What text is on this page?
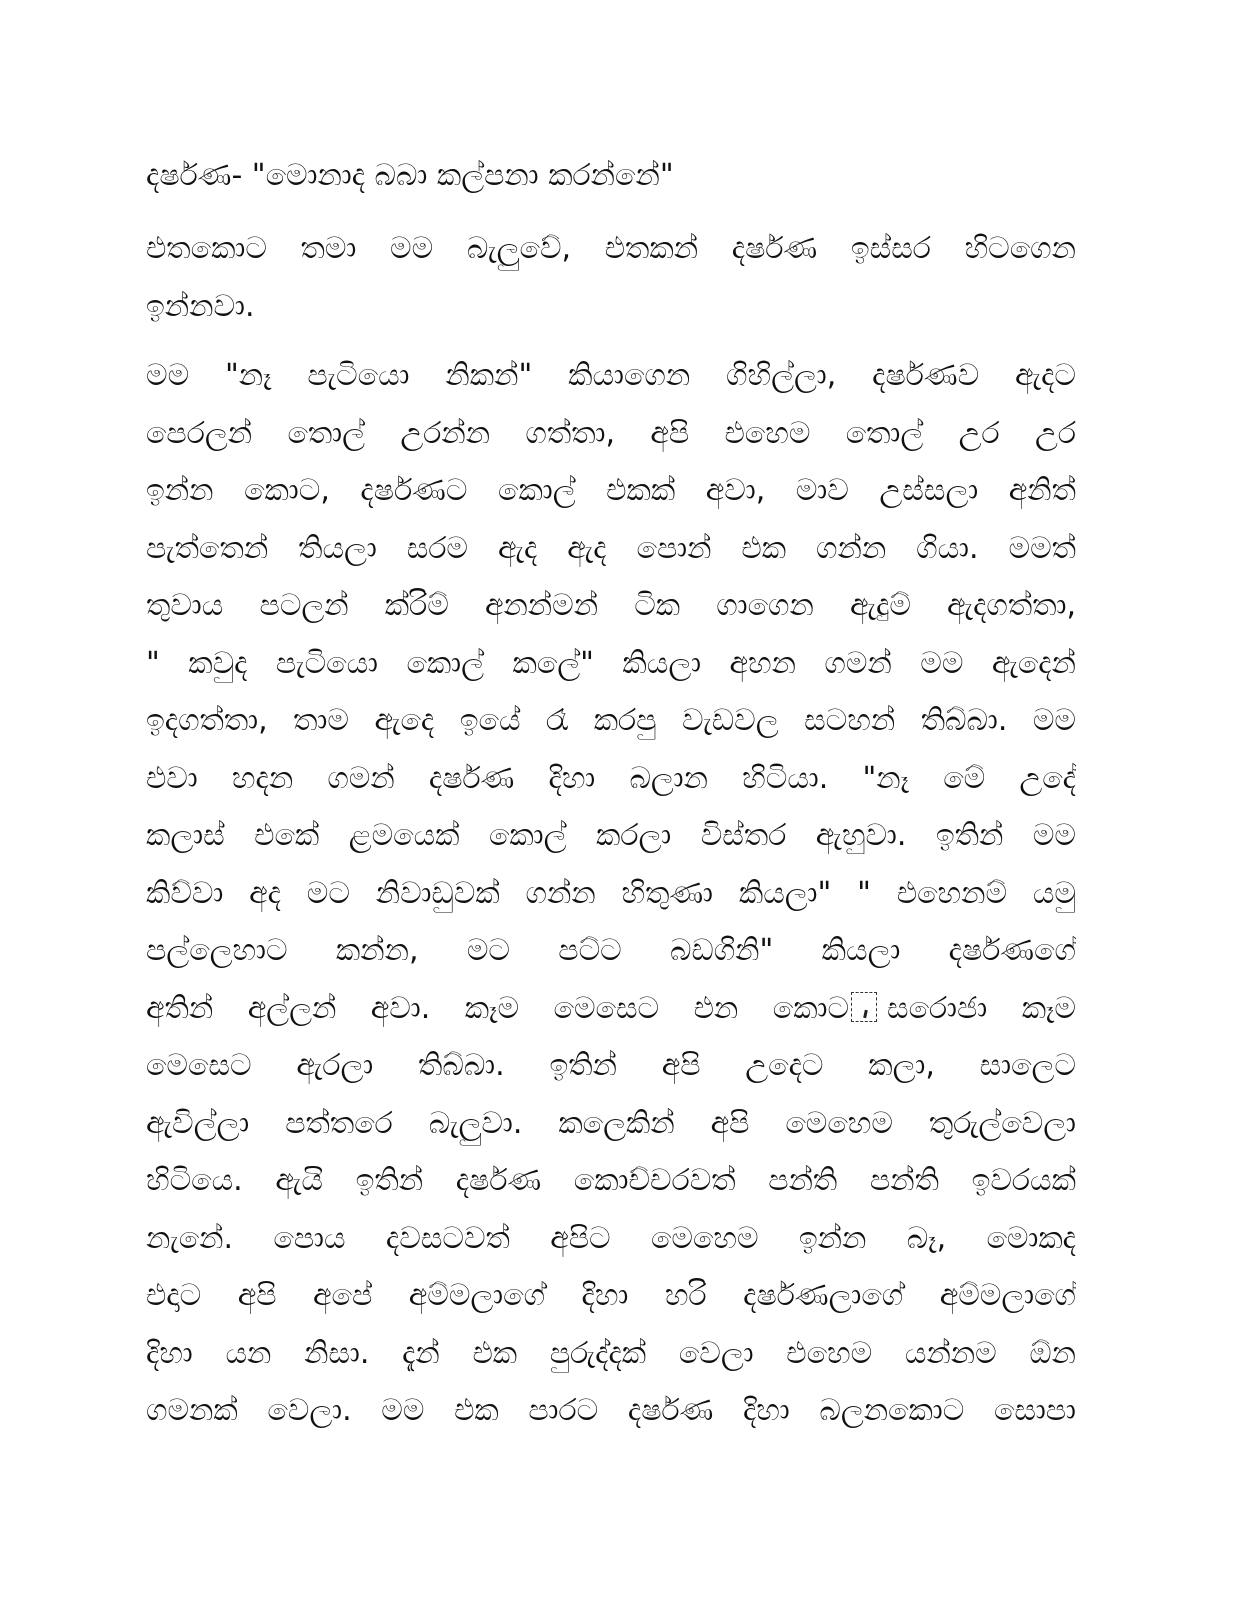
දර්ෂණ- "මොනාද බබා කල්පනා කරන්නේ"
එතකොට තමා මම බැලුවේ, එතකන් දර්ෂණ ඉස්සර හිටගෙන
ඉන්නවා.
මම "නෑ පැටියො නිකන්" කියාගෙන ගිහිල්ලා, දර්ෂණව ඇදට
පෙරලන් තොල් උරන්න ගත්තා, අපි එහෙම තොල් උර උර
ඉන්න කොට, දර්ෂණට කොල් එකක් අවා, මාව උස්සලා අනිත්
පැත්තෙන් තියලා සරම ඇද ඇද පොන් එක ගන්න ගියා. මමත්
තුවාය පටලන් ක්රිම් අනන්මන් ටික ගාගෙන ඇදුම් ඇදගත්තා,
" කවුද පැටියො කොල් කලේ" කියලා අහන ගමන් මම ඇදෙන්
ඉදගත්තා, තාම ඇදෙ ඉයේ රෑ කරපු වැඩවල සටහන් තිබ්බා. මම
එවා හදන ගමන් දර්ෂණ දිහා බලාන හිටියා. "නෑ මේ උදේ
කලාස් එකේ ළමයෙක් කොල් කරලා විස්තර ඇහුවා. ඉතින් මම
කිව්වා අද මට නිවාඩුවක් ගන්න හිතුණා කියලා" " එහෙනම් යමු
පල්ලෙහාට කන්න, මට පට්ට බඩගිනි" කියලා දර්ෂණගේ
අතින් අල්ලන් අවා. කෑම මෙසෙට එන කොට සරොජා කෑම
මෙසෙට ඇරලා තිබ්බා. ඉතින් අපි උදෙට කලා, සාලෙට
ඇවිල්ලා පත්තරෙ බැලුවා. කලෙකින් අපි මෙහෙම තුරුල්වෙලා
හිටියෙ. ඇයි ඉතින් දර්ෂණ කොච්චරවත් පන්ති පන්ති ඉවරයක්
නැනේ. පොය දවසටවත් අපිට මෙහෙම ඉන්න බෑ, මොකද
එදාට අපි අපේ අම්මලාගේ දිහා හරි දර්ෂණලාගේ අම්මලාගේ
දිහා යන නිසා. දැන් එක පුරුද්දක් වෙලා එහෙම යන්නම ඕන
ගමනක් වෙලා. මම එක පාරට දර්ෂණ දිහා බලනකොට සොපා
